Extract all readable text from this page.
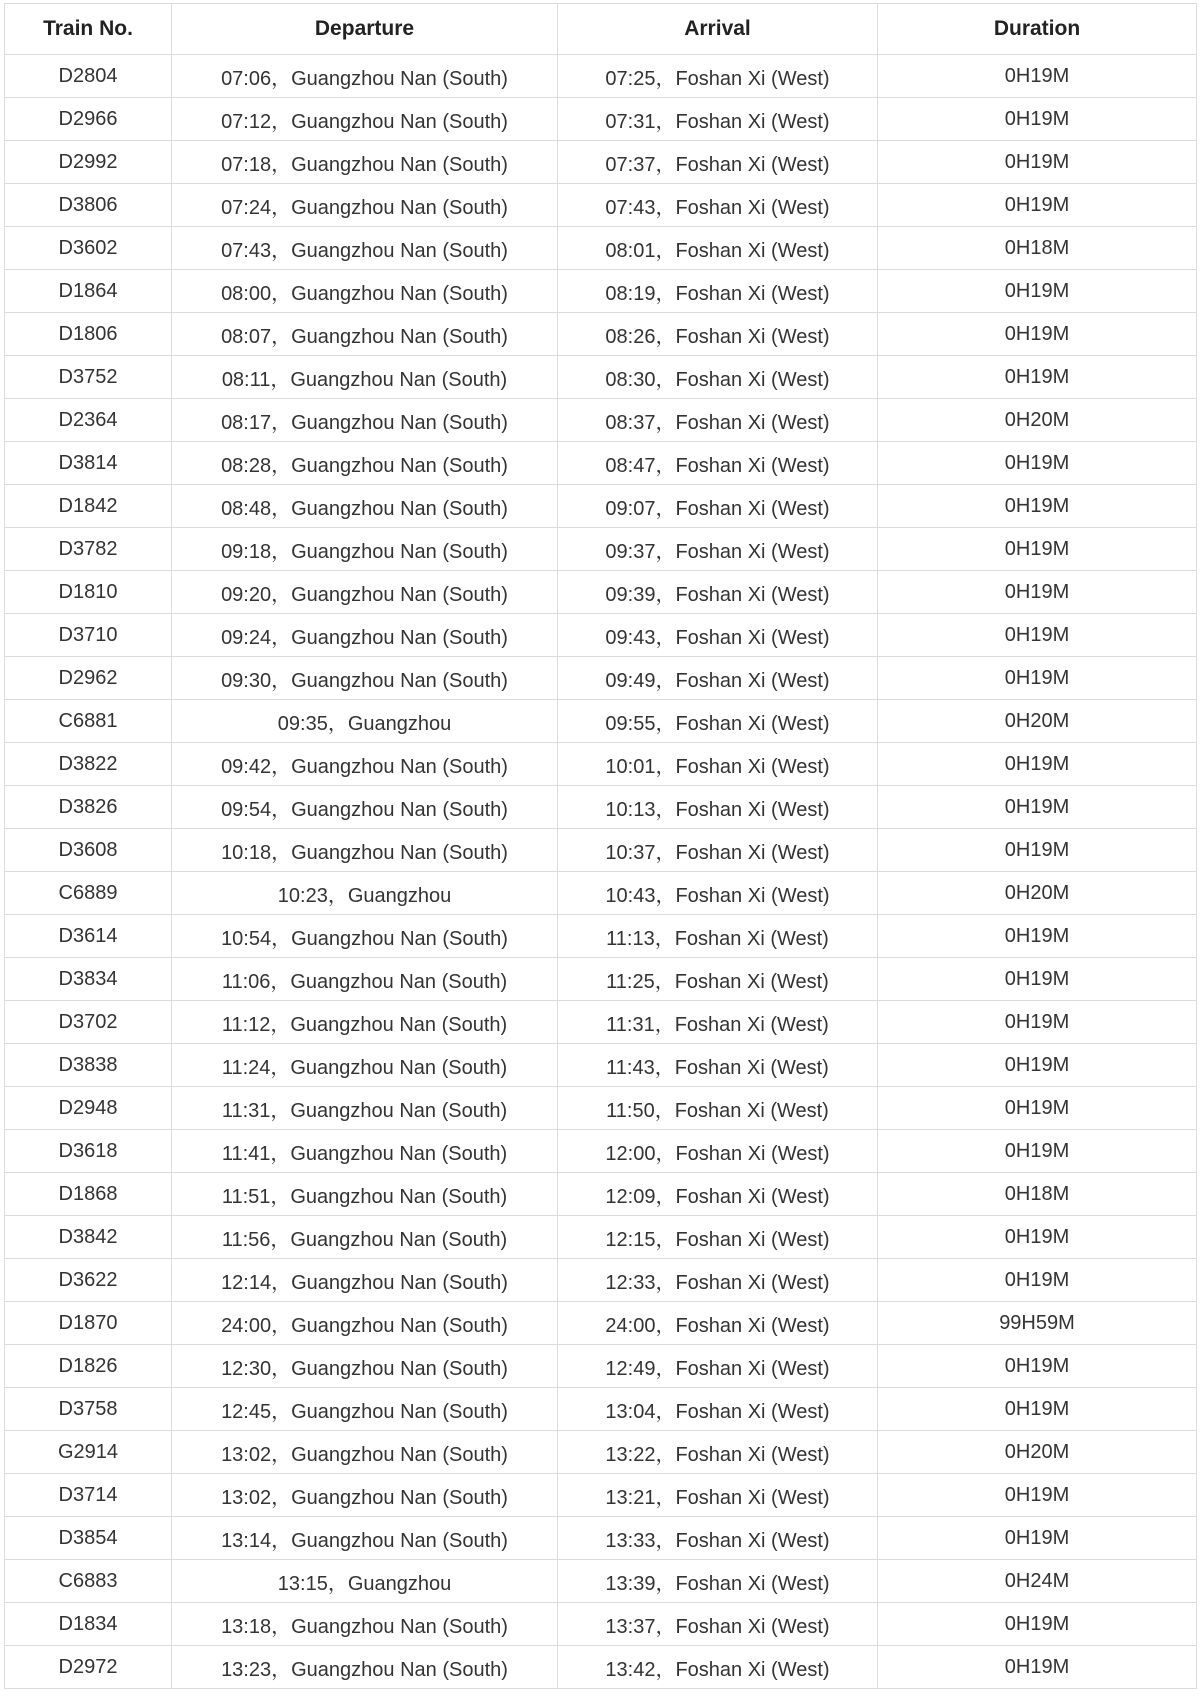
Train No.	Departure	Arrival	Duration
D2804	07:06，Guangzhou Nan (South)	07:25，Foshan Xi (West)	0H19M
D2966	07:12，Guangzhou Nan (South)	07:31，Foshan Xi (West)	0H19M
D2992	07:18，Guangzhou Nan (South)	07:37，Foshan Xi (West)	0H19M
D3806	07:24，Guangzhou Nan (South)	07:43，Foshan Xi (West)	0H19M
D3602	07:43，Guangzhou Nan (South)	08:01，Foshan Xi (West)	0H18M
D1864	08:00，Guangzhou Nan (South)	08:19，Foshan Xi (West)	0H19M
D1806	08:07，Guangzhou Nan (South)	08:26，Foshan Xi (West)	0H19M
D3752	08:11，Guangzhou Nan (South)	08:30，Foshan Xi (West)	0H19M
D2364	08:17，Guangzhou Nan (South)	08:37，Foshan Xi (West)	0H20M
D3814	08:28，Guangzhou Nan (South)	08:47，Foshan Xi (West)	0H19M
D1842	08:48，Guangzhou Nan (South)	09:07，Foshan Xi (West)	0H19M
D3782	09:18，Guangzhou Nan (South)	09:37，Foshan Xi (West)	0H19M
D1810	09:20，Guangzhou Nan (South)	09:39，Foshan Xi (West)	0H19M
D3710	09:24，Guangzhou Nan (South)	09:43，Foshan Xi (West)	0H19M
D2962	09:30，Guangzhou Nan (South)	09:49，Foshan Xi (West)	0H19M
C6881	09:35，Guangzhou	09:55，Foshan Xi (West)	0H20M
D3822	09:42，Guangzhou Nan (South)	10:01，Foshan Xi (West)	0H19M
D3826	09:54，Guangzhou Nan (South)	10:13，Foshan Xi (West)	0H19M
D3608	10:18，Guangzhou Nan (South)	10:37，Foshan Xi (West)	0H19M
C6889	10:23，Guangzhou	10:43，Foshan Xi (West)	0H20M
D3614	10:54，Guangzhou Nan (South)	11:13，Foshan Xi (West)	0H19M
D3834	11:06，Guangzhou Nan (South)	11:25，Foshan Xi (West)	0H19M
D3702	11:12，Guangzhou Nan (South)	11:31，Foshan Xi (West)	0H19M
D3838	11:24，Guangzhou Nan (South)	11:43，Foshan Xi (West)	0H19M
D2948	11:31，Guangzhou Nan (South)	11:50，Foshan Xi (West)	0H19M
D3618	11:41，Guangzhou Nan (South)	12:00，Foshan Xi (West)	0H19M
D1868	11:51，Guangzhou Nan (South)	12:09，Foshan Xi (West)	0H18M
D3842	11:56，Guangzhou Nan (South)	12:15，Foshan Xi (West)	0H19M
D3622	12:14，Guangzhou Nan (South)	12:33，Foshan Xi (West)	0H19M
D1870	24:00，Guangzhou Nan (South)	24:00，Foshan Xi (West)	99H59M
D1826	12:30，Guangzhou Nan (South)	12:49，Foshan Xi (West)	0H19M
D3758	12:45，Guangzhou Nan (South)	13:04，Foshan Xi (West)	0H19M
G2914	13:02，Guangzhou Nan (South)	13:22，Foshan Xi (West)	0H20M
D3714	13:02，Guangzhou Nan (South)	13:21，Foshan Xi (West)	0H19M
D3854	13:14，Guangzhou Nan (South)	13:33，Foshan Xi (West)	0H19M
C6883	13:15，Guangzhou	13:39，Foshan Xi (West)	0H24M
D1834	13:18，Guangzhou Nan (South)	13:37，Foshan Xi (West)	0H19M
D2972	13:23，Guangzhou Nan (South)	13:42，Foshan Xi (West)	0H19M
